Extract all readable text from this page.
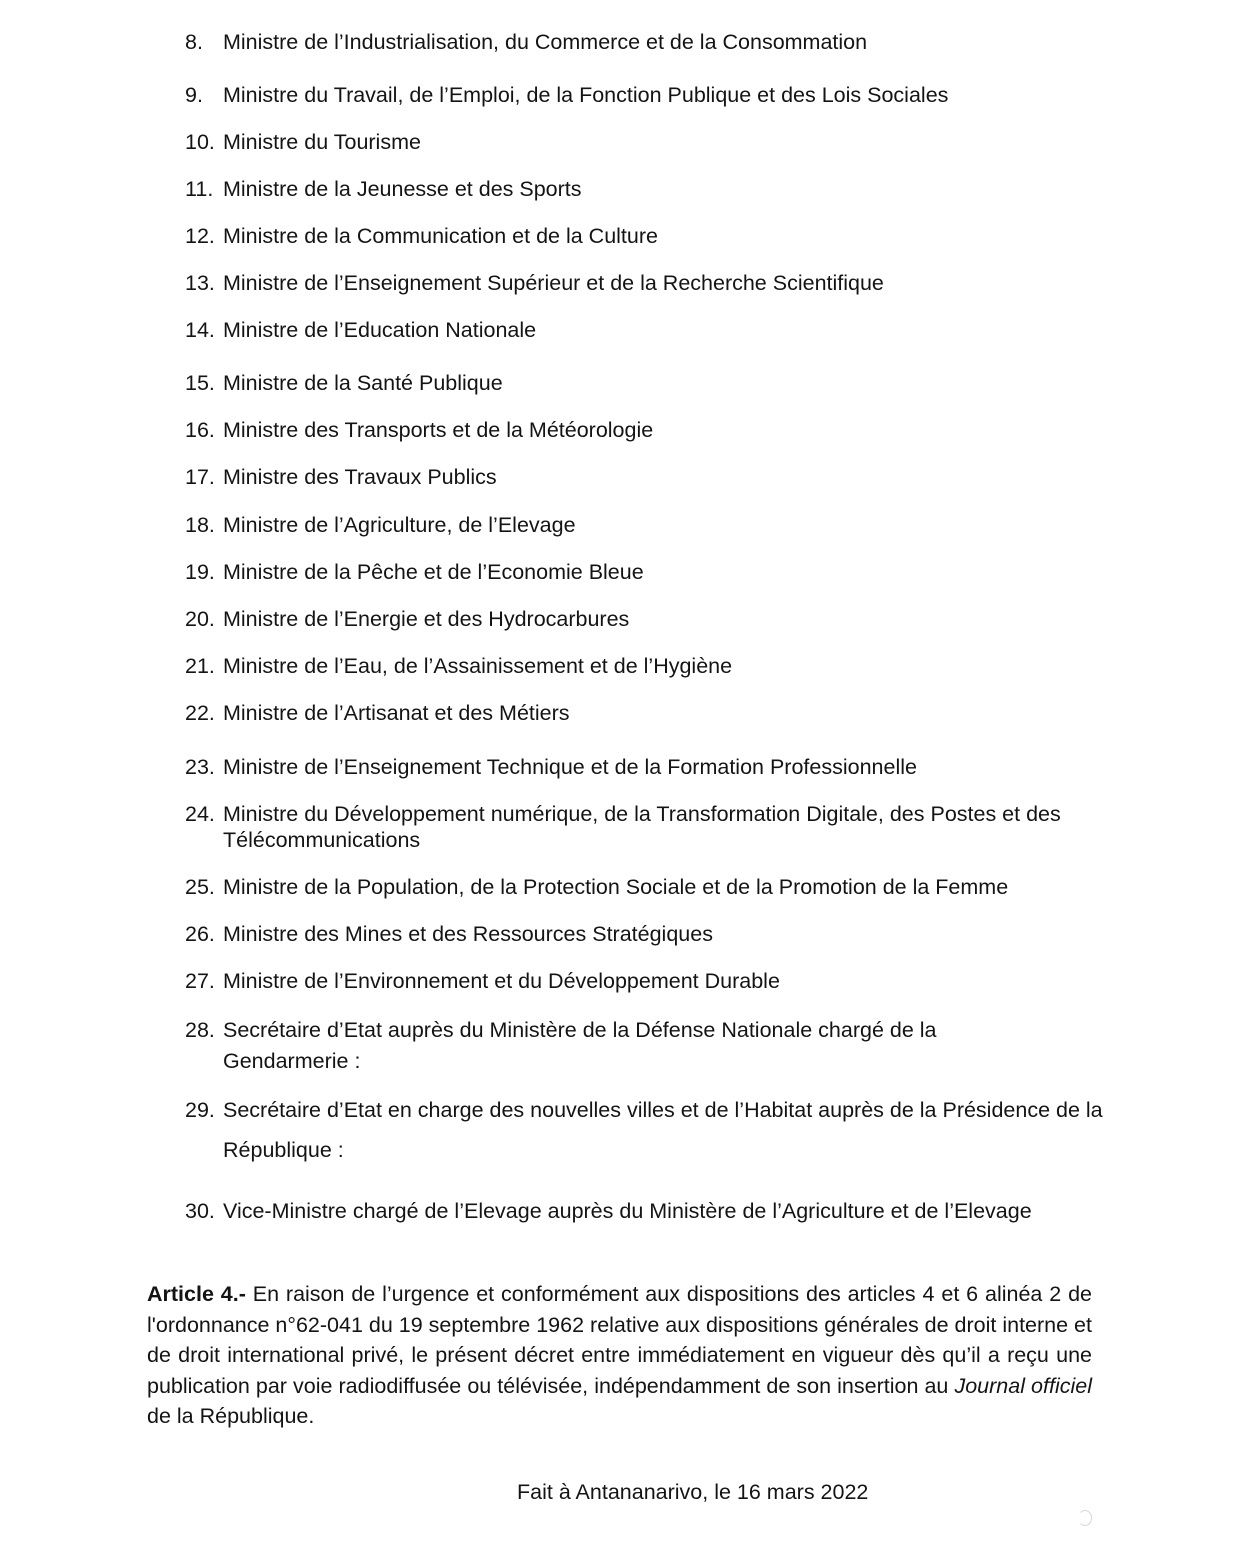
8. Ministre de l’Industrialisation, du Commerce et de la Consommation
9. Ministre du Travail, de l’Emploi, de la Fonction Publique et des Lois Sociales
10. Ministre du Tourisme
11. Ministre de la Jeunesse et des Sports
12. Ministre de la Communication et de la Culture
13. Ministre de l’Enseignement Supérieur et de la Recherche Scientifique
14. Ministre de l’Education Nationale
15. Ministre de la Santé Publique
16. Ministre des Transports et de la Météorologie
17. Ministre des Travaux Publics
18. Ministre de l’Agriculture, de l’Elevage
19. Ministre de la Pêche et de l’Economie Bleue
20. Ministre de l’Energie et des Hydrocarbures
21. Ministre de l’Eau, de l’Assainissement et de l’Hygiène
22. Ministre de l’Artisanat et des Métiers
23. Ministre de l’Enseignement Technique et de la Formation Professionnelle
24. Ministre du Développement numérique, de la Transformation Digitale, des Postes et des Télécommunications
25. Ministre de la Population, de la Protection Sociale et de la Promotion de la Femme
26. Ministre des Mines et des Ressources Stratégiques
27. Ministre de l’Environnement et du Développement Durable
28. Secrétaire d’Etat auprès du Ministère de la Défense Nationale chargé de la Gendarmerie :
29. Secrétaire d’Etat en charge des nouvelles villes et de l’Habitat auprès de la Présidence de la République :
30. Vice-Ministre chargé de l’Elevage auprès du Ministère de l’Agriculture et de l’Elevage
Article 4.- En raison de l’urgence et conformément aux dispositions des articles 4 et 6 alinéa 2 de l'ordonnance n°62-041 du 19 septembre 1962 relative aux dispositions générales de droit interne et de droit international privé, le présent décret entre immédiatement en vigueur dès qu’il a reçu une publication par voie radiodiffusée ou télévisée, indépendamment de son insertion au Journal officiel de la République.
Fait à Antananarivo, le 16 mars 2022
